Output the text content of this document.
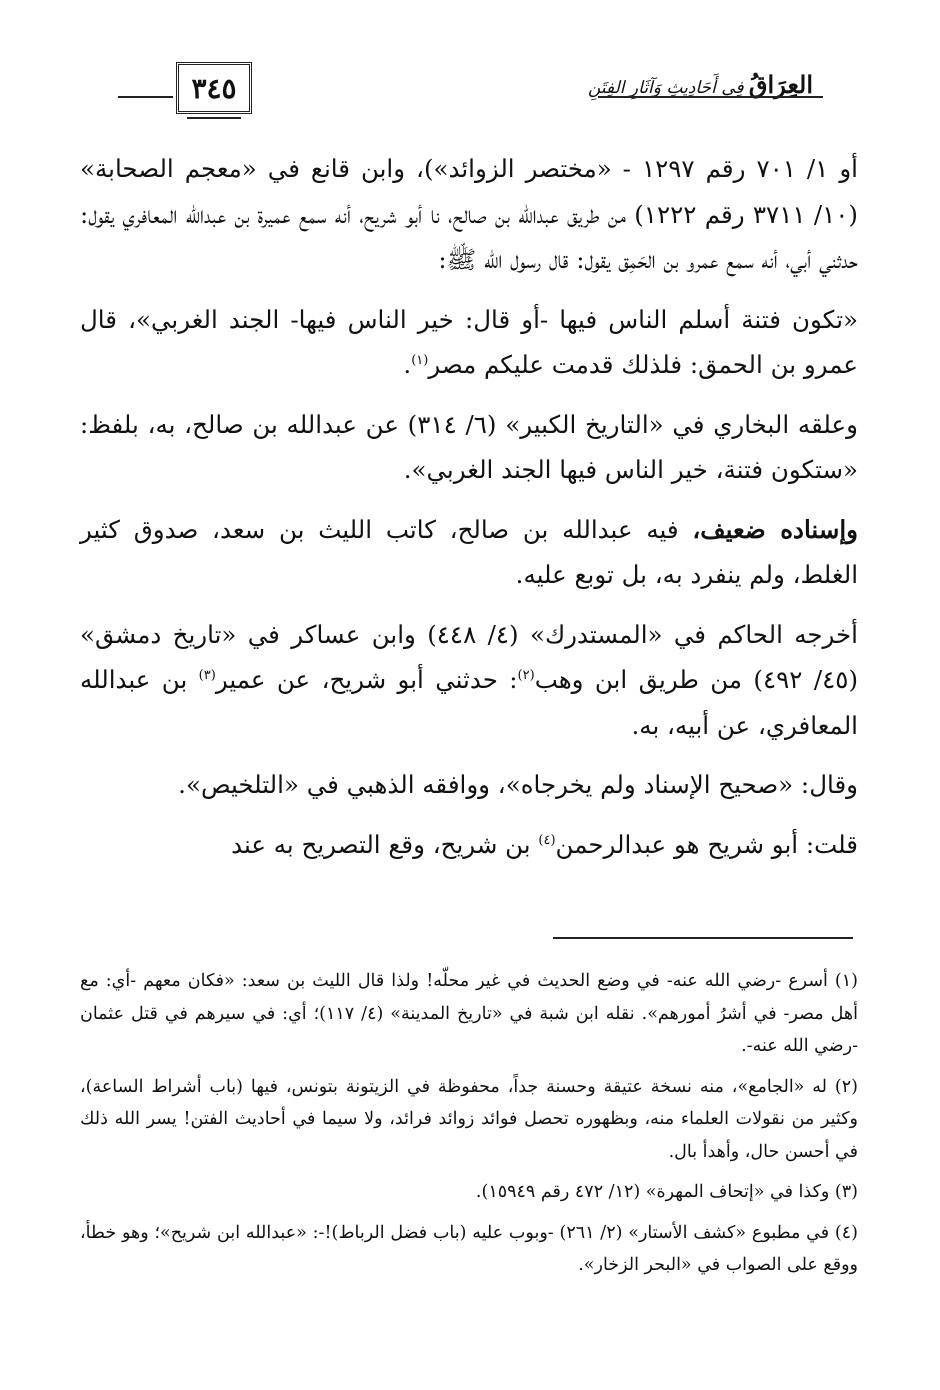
٣٤٥	العِرَاقُ فِي أَحَادِيثِ وَآثَارِ الفِتَنِ

أو ١/ ٧٠١ رقم ١٢٩٧ - «مختصر الزوائد»)، وابن قانع في «معجم الصحابة» (١٠/ ٣٧١١ رقم ١٢٢٢) من طريق عبدالله بن صالح، نا أبو شريح، أنه سمع عميرة بن عبدالله المعافري يقول: حدثني أبي، أنه سمع عمرو بن الحَمِق يقول: قال رسول الله ﷺ:

«تكون فتنة أسلم الناس فيها -أو قال: خير الناس فيها- الجند الغربي»، قال عمرو بن الحمق: فلذلك قدمت عليكم مصر$^{(١)}$.

وعلقه البخاري في «التاريخ الكبير» (٦/ ٣١٤) عن عبدالله بن صالح، به، بلفظ: «ستكون فتنة، خير الناس فيها الجند الغربي».

وإسناده ضعيف، فيه عبدالله بن صالح، كاتب الليث بن سعد، صدوق كثير الغلط، ولم ينفرد به، بل توبع عليه.

أخرجه الحاكم في «المستدرك» (٤/ ٤٤٨) وابن عساكر في «تاريخ دمشق» (٤٥/ ٤٩٢) من طريق ابن وهب$^{(٢)}$: حدثني أبو شريح، عن عمير$^{(٣)}$ بن عبدالله المعافري، عن أبيه، به.

وقال: «صحيح الإسناد ولم يخرجاه»، ووافقه الذهبي في «التلخيص».

قلت: أبو شريح هو عبدالرحمن$^{(٤)}$ بن شريح، وقع التصريح به عند

(١) أسرع -رضي الله عنه- في وضع الحديث في غير محلّه! ولذا قال الليث بن سعد: «فكان معهم -أي: مع أهل مصر- في أشرُ أمورهم». نقله ابن شبة في «تاريخ المدينة» (٤/ ١١٧)؛ أي: في سيرهم في قتل عثمان -رضي الله عنه-.

(٢) له «الجامع»، منه نسخة عتيقة وحسنة جداً، محفوظة في الزيتونة بتونس، فيها (باب أشراط الساعة)، وكثير من نقولات العلماء منه، وبظهوره تحصل فوائد زوائد فرائد، ولا سيما في أحاديث الفتن! يسر الله ذلك في أحسن حال، وأهدأ بال.

(٣) وكذا في «إتحاف المهرة» (١٢/ ٤٧٢ رقم ١٥٩٤٩).

(٤) في مطبوع «كشف الأستار» (٢/ ٢٦١) -وبوب عليه (باب فضل الرباط)!-: «عبدالله ابن شريح»؛ وهو خطأ، ووقع على الصواب في «البحر الزخار».
